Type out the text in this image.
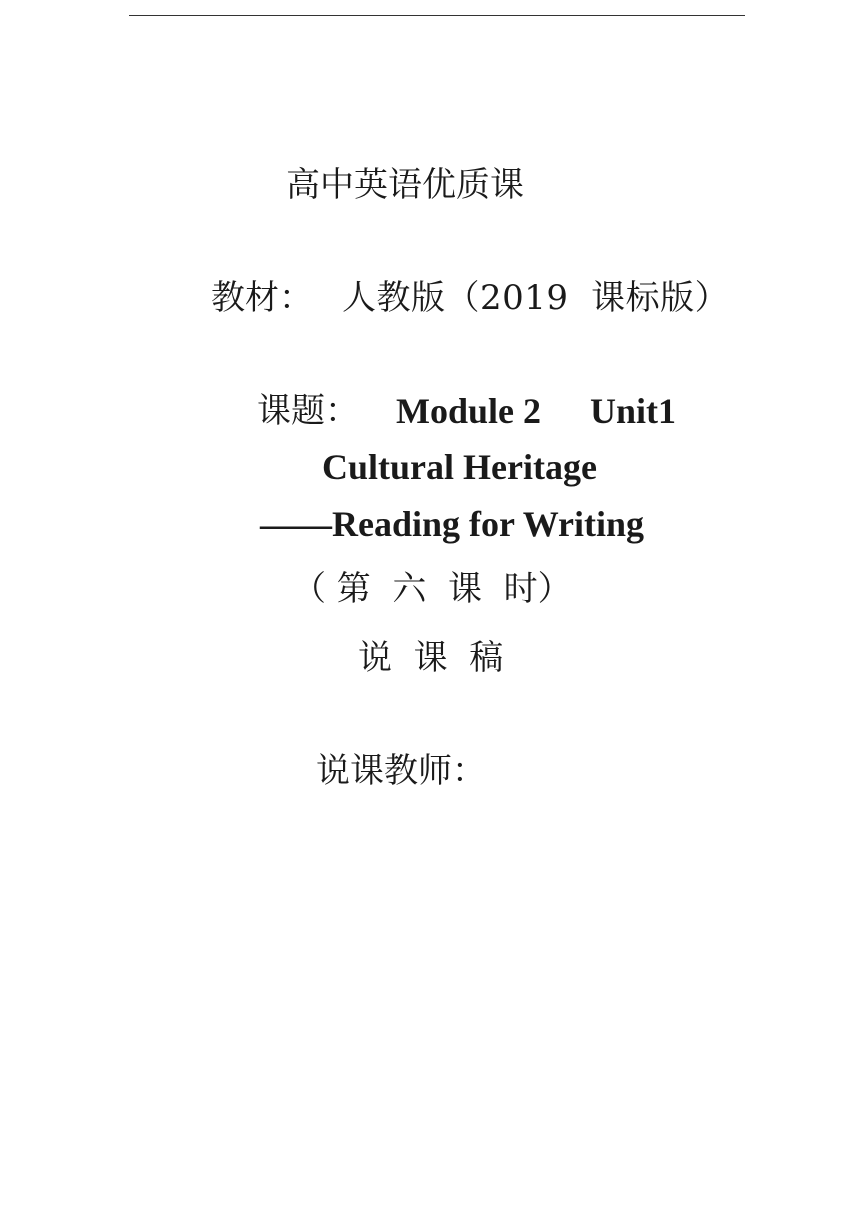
高中英语优质课
教材： 人教版（2019  课标版）
课题： Module 2 Unit1
Cultural Heritage
——Reading for Writing
（ 第  六  课  时）
说  课  稿
说课教师：
